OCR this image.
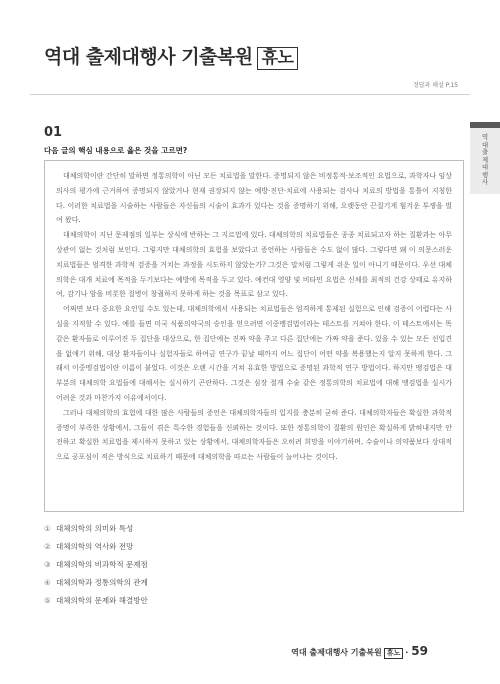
역대 출제대행사 기출복원 휴노
정답과 해설 P.15
01
다음 글의 핵심 내용으로 옳은 것을 고르면?

대체의학이란 간단히 말하면 정통의학이 아닌 모든 치료법을 말한다. 증명되지 않은 비정통적·보조적인 요법으로, 과학자나 임상의사의 평가에 근거하여 증명되지 않았거나 현재 권장되지 않는 예방·진단·치료에 사용되는 검사나 치료의 방법을 통틀어 지칭한다. 이러한 치료법을 시술하는 사람들은 자신들의 시술이 효과가 있다는 것을 증명하기 위해, 오랫동안 끈질기게 힘겨운 투쟁을 벌여 왔다.

대체의학이 지닌 문제점의 일부는 상식에 반하는 그 지르법에 있다. 대체의학의 치료법들은 종종 치료되고자 하는 질환과는 아무 상관이 없는 것처럼 보인다. 그렇지만 대체의학의 효험을 보았다고 증언하는 사람들은 수도 없이 많다. 그렇다면 왜 이 의문스러운 치료법들은 엄격한 과학적 검증을 거치는 과정을 시도하지 않았는가? 그것은 말처럼 그렇게 쉬운 일이 아니기 때문이다. 우선 대체의학은 대개 치료에 목적을 두기보다는 예방에 목적을 두고 있다. 예컨대 영양 및 비타민 요법은 신체를 최적의 건강 상태로 유지하여, 감기나 암을 비롯한 질병이 창궐하지 못하게 하는 것을 목표로 삼고 있다.

어쩌면 보다 중요한 요인일 수도 있는데, 대체의학에서 사용되는 치료법들은 엄격하게 통제된 실험으로 인해 검증이 어렵다는 사실을 지적할 수 있다. 예를 들면 미국 식품의약국의 승인을 얻으려면 이중맹검법이라는 테스트를 거쳐야 한다. 이 테스트에서는 똑같은 환자들로 이루어진 두 집단을 대상으로, 한 집단에는 진짜 약을 주고 다른 집단에는 가짜 약을 준다. 있을 수 있는 모든 선입견을 없애기 위해, 대상 환자들이나 실험자들로 하여금 연구가 끝날 때까지 어느 집단이 어떤 약을 복용했는지 알지 못하게 한다. 그래서 이중맹검법이란 이름이 붙었다. 이것은 오랜 시간을 거쳐 유효한 방법으로 증명된 과학적 연구 방법이다. 하지만 맹검법은 대부분의 대체의학 요법들에 대해서는 실시하기 곤란하다. 그것은 심장 절개 수술 같은 정통의학의 치료법에 대해 맹검법을 실시가 어려운 것과 마찬가지 이유에서이다.

그러나 대체의학의 효험에 대한 많은 사람들의 증언은 대체의학자들의 입지를 충분히 굳혀 준다. 대체의학자들은 확실한 과학적 증명이 부족한 상황에서, 그들이 겪은 특수한 경험들을 신뢰하는 것이다. 또한 정통의학이 질환의 원인은 확실하게 밝혀내지만 안전하고 확실한 치료법을 제시하지 못하고 있는 상황에서, 대체의학자들은 오히려 희망을 이야기하며, 수술이나 의약품보다 상대적으로 공포심이 적은 방식으로 치료하기 때문에 대체의학을 따르는 사람들이 늘어나는 것이다.

① 대체의학의 의미와 특성
② 대체의학의 역사와 전망
③ 대체의학의 비과학적 문제점
④ 대체의학과 정통의학의 관계
⑤ 대체의학의 문제와 해결방안
역대 출제대행사
역대 출제대행사 기출복원 휴노 · 59
